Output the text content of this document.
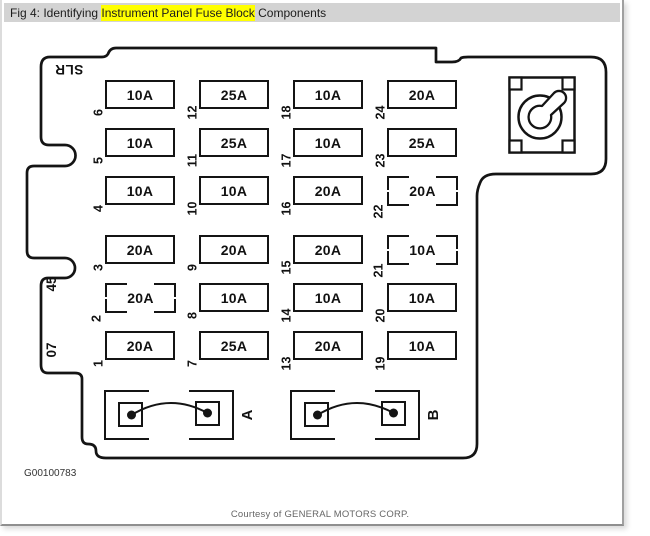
Fig 4: Identifying Instrument Panel Fuse Block Components
SLR
45
07
10A
6
25A
12
10A
18
20A
24
10A
5
25A
11
10A
17
25A
23
10A
4
10A
10
20A
16
20A
22
20A
3
20A
9
20A
15
10A
21
20A
2
10A
8
10A
14
10A
20
20A
1
25A
7
20A
13
10A
19
A	B
G00100783
Courtesy of GENERAL MOTORS CORP.
